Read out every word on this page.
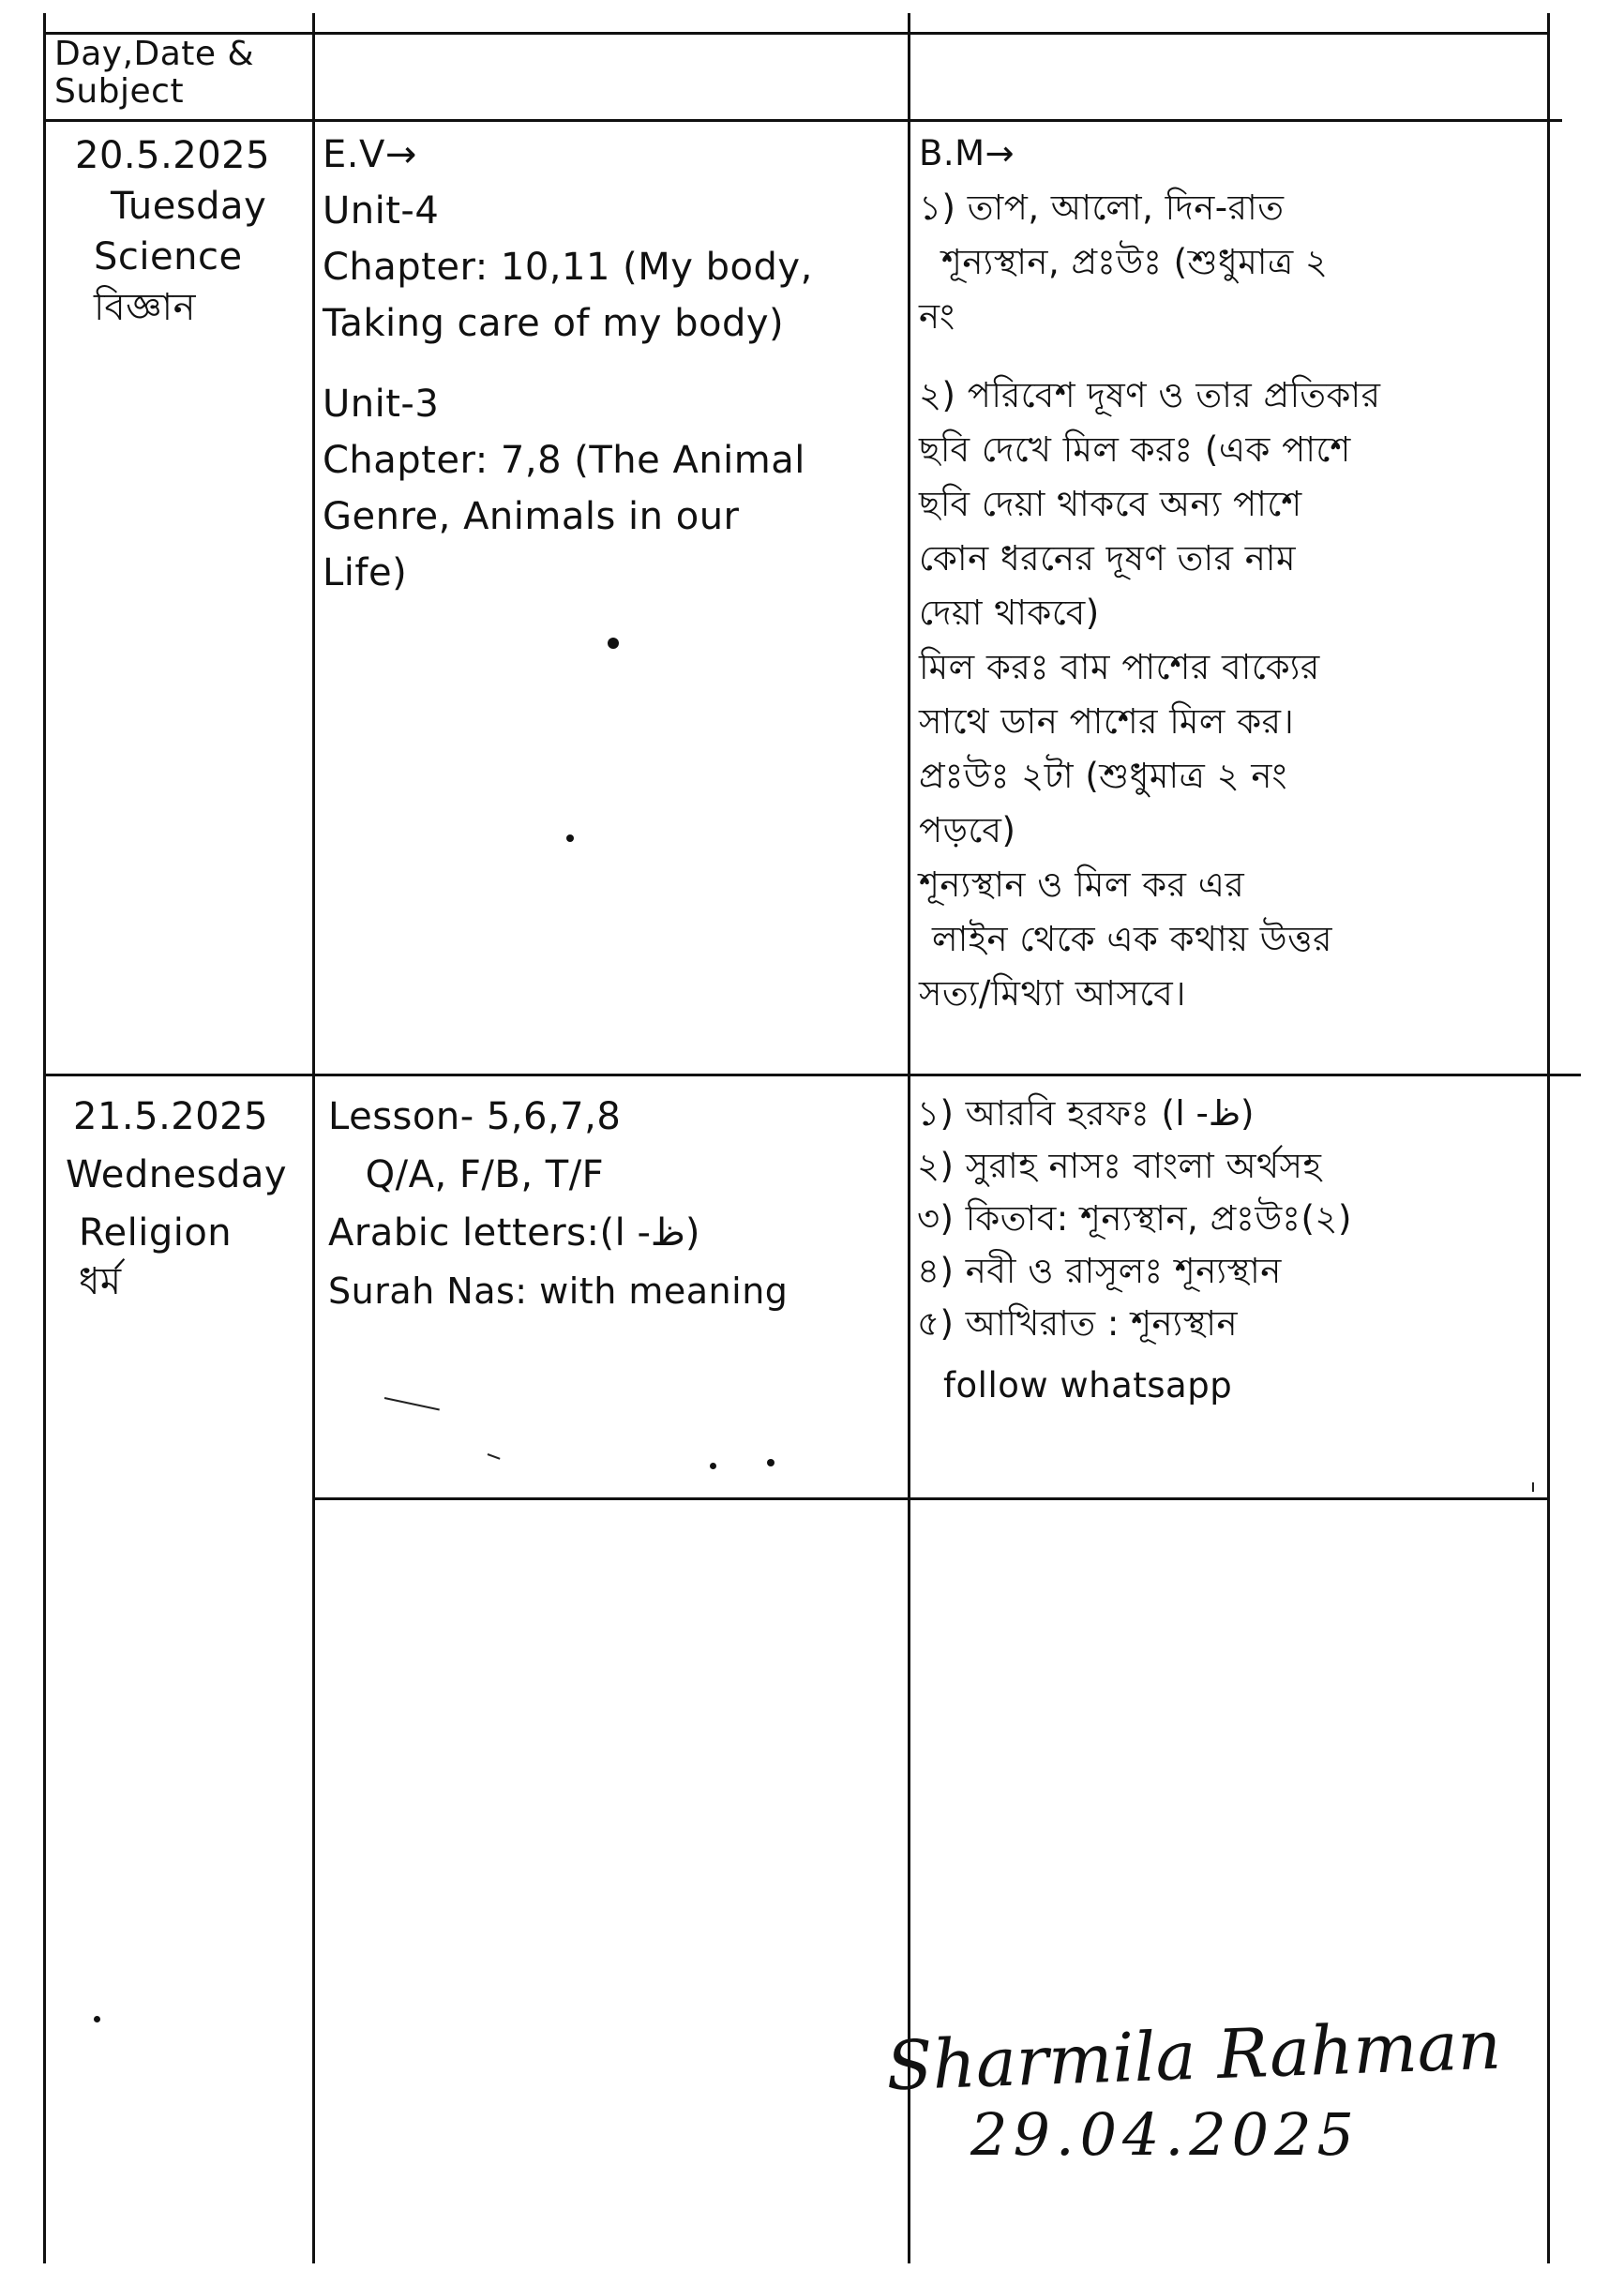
Day,Date & Subject
20.5.2025
Tuesday
Science
বিজ্ঞান
E.V→
Unit-4
Chapter: 10,11 (My body,
Taking care of my body)
Unit-3
Chapter: 7,8 (The Animal
Genre, Animals in our
Life)
B.M→
১) তাপ, আলো, দিন-রাত
শূন্যস্থান, প্রঃউঃ (শুধুমাত্র ২
নং
২) পরিবেশ দূষণ ও তার প্রতিকার
ছবি দেখে মিল করঃ (এক পাশে
ছবি দেয়া থাকবে অন্য পাশে
কোন ধরনের দূষণ তার নাম
দেয়া থাকবে)
মিল করঃ বাম পাশের বাক্যের
সাথে ডান পাশের মিল কর।
প্রঃউঃ ২টা (শুধুমাত্র ২ নং
পড়বে)
শূন্যস্থান ও মিল কর এর
লাইন থেকে এক কথায় উত্তর
সত্য/মিথ্যা আসবে।
21.5.2025
Wednesday
Religion
ধর্ম
Lesson- 5,6,7,8
Q/A, F/B, T/F
Arabic letters:(ظ- ا)
Surah Nas: with meaning
১) আরবি হরফঃ (ظ- ا)
২) সুরাহ নাসঃ বাংলা অর্থসহ
৩) কিতাব: শূন্যস্থান, প্রঃউঃ(২)
৪) নবী ও রাসূলঃ শূন্যস্থান
৫) আখিরাত : শূন্যস্থান
follow whatsapp
Sharmila Rahman
29.04.2025
